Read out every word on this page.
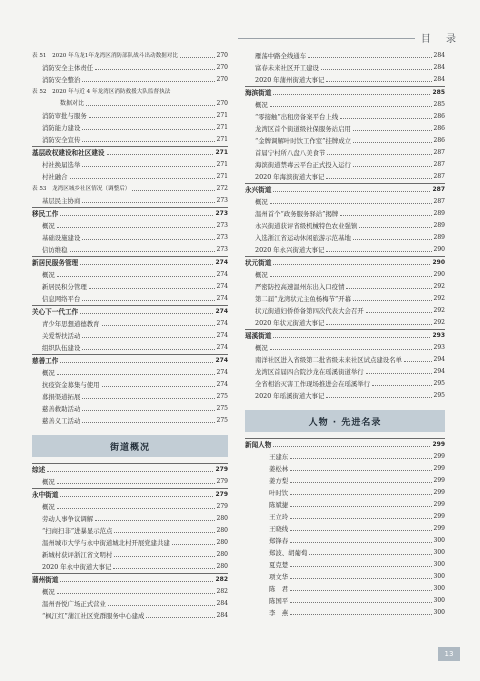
目 录
表 51　2020 年乌龙1年龙湾区消防部队战斗出动数据对比	270
消防安全主体责任	270
消防安全整治	270
表 52　2020 年与近 4 年龙湾区消防救援大队监督执法
数据对比	270
消防审批与服务	271
消防能力建设	271
消防安全宣传	271
基层政权建设和社区建设	271
村社换届选举	271
村社融合	271
表 53　龙湾区城乡社区情况（调整后）	272
基层民主协商	273
移民工作	273
概况	273
基础设施建设	273
信访维稳	273
新居民服务管理	274
概况	274
新居民积分管理	274
信息网络平台	274
关心下一代工作	274
青少年思想道德教育	274
关爱帮扶活动	274
组织队伍建设	274
慈善工作	274
概况	274
抗疫资金募集与使用	274
募捐渠道拓展	275
慈善救助活动	275
慈善义工活动	275
街道概况
综述	279
概况	279
永中街道	279
概况	279
劳动人事争议调解	280
“扫商扫非”进暴显示范点	280
温州城市大学与永中街道城北村开展党建共建	280
新城村获评浙江省文明村	280
2020 年永中街道大事记	280
蒲州街道	282
概况	282
温州吾悦广场正式营业	284
“枫江红”蒲江社区党群服务中心建成	284
雁荡中路全线通车	284
富春未来社区开工建设	284
2020 年蒲州街道大事记	284
海滨街道	285
概况	285
“零接触”出租房备案平台上线	286
龙湾区首个街道级社保服务站启用	286
“金牌调解叶时饮工作室”挂牌成立	286
首届宁村所八盘八美食节	287
海滨街道禁毒云平台正式投入运行	287
2020 年海滨街道大事记	287
永兴街道	287
概况	287
温州首个“政务服务驿站”揭牌	289
永兴街道获评省级机械特色农业强镇	289
入选浙江省运动休闲旅游示范基地	289
2020 年永兴街道大事记	290
状元街道	290
概况	290
严密防控高速温州东出入口疫情	292
第二届“龙湾状元主鱼杨梅节”开幕	292
状元街道妇侨侨备第四次代表大会召开	292
2020 年状元街道大事记	292
瑶溪街道	293
概况	293
南洋社区进入省级第二批省级未来社区试点建设名单	294
龙湾区首届四合院沙龙在瑶溪街道举行	294
全省相治灭害工作现场推进会在瑶溪举行	295
2020 年瑶溪街道大事记	295
人物 · 先进名录
新闻人物	299
王建东	299
姜松林	299
姜方梨	299
叶时饮	299
陈斌捷	299
王立玲	299
王晓线	299
郑锋春	300
郑波、胡葡萄	300
夏克楚	300
项文华	300
陈　君	300
陈国平	300
李　燕	300
13
